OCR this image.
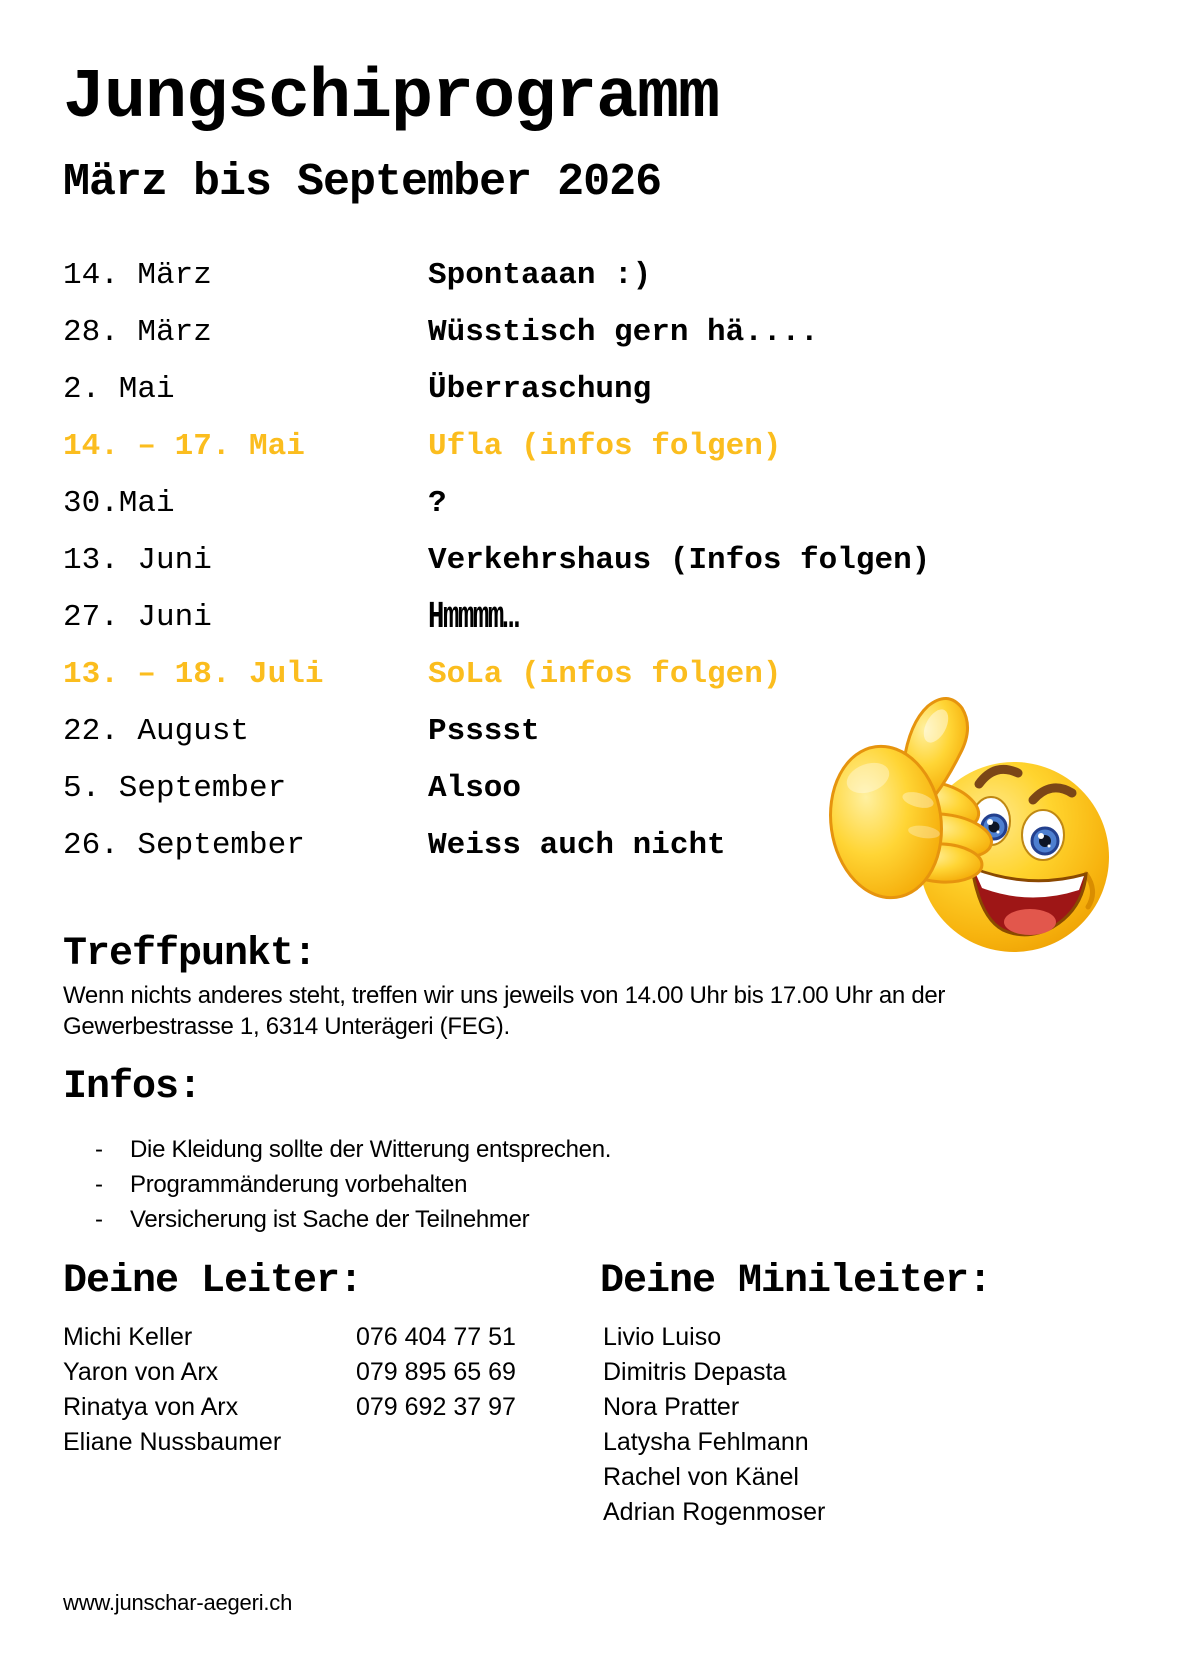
Jungschiprogramm
März bis September 2026
14. März	Spontaaan :)
28. März	Wüsstisch gern hä....
2. Mai	Überraschung
14. – 17. Mai	Ufla (infos folgen)
30.Mai	?
13. Juni	Verkehrshaus (Infos folgen)
27. Juni	Hmmmm…
13. – 18. Juli	SoLa (infos folgen)
22. August	Psssst
5. September	Alsoo
26. September	Weiss auch nicht
Treffpunkt:
Wenn nichts anderes steht, treffen wir uns jeweils von 14.00 Uhr bis 17.00 Uhr an der Gewerbestrasse 1, 6314 Unterägeri (FEG).
Infos:
-	Die Kleidung sollte der Witterung entsprechen.
-	Programmänderung vorbehalten
-	Versicherung ist Sache der Teilnehmer
Deine Leiter:	Deine Minileiter:
Michi Keller	076 404 77 51
Yaron von Arx	079 895 65 69
Rinatya von Arx	079 692 37 97
Eliane Nussbaumer
Livio Luiso
Dimitris Depasta
Nora Pratter
Latysha Fehlmann
Rachel von Känel
Adrian Rogenmoser
www.junschar-aegeri.ch
